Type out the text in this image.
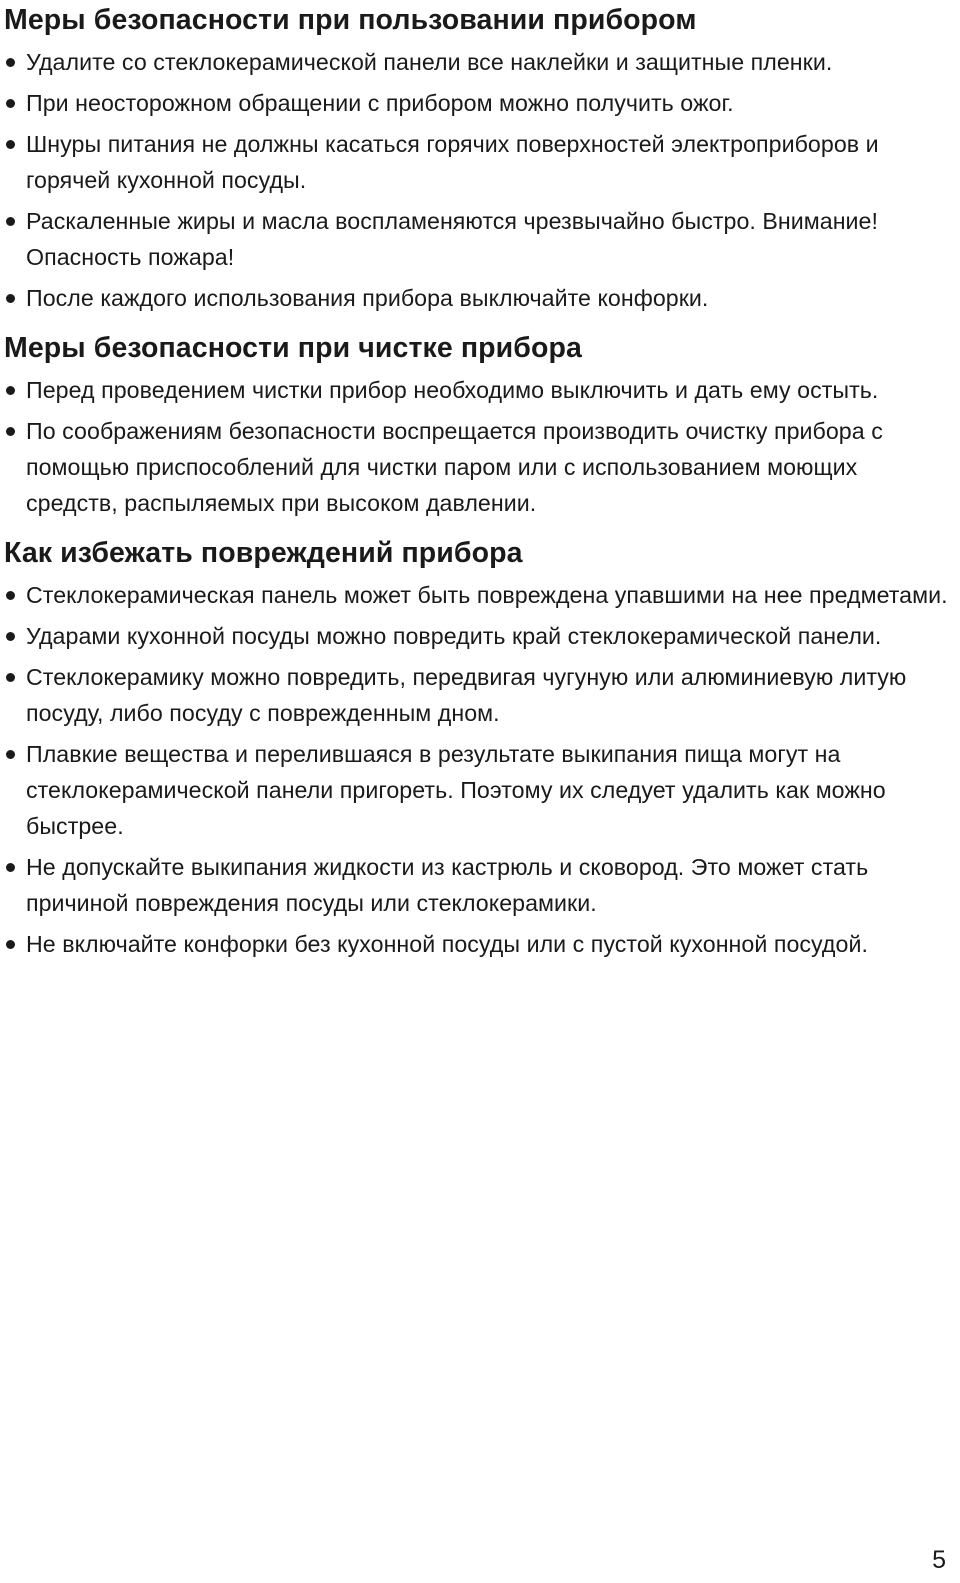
Меры безопасности при пользовании прибором
Удалите со стеклокерамической панели все наклейки и защитные пленки.
При неосторожном обращении с прибором можно получить ожог.
Шнуры питания не должны касаться горячих поверхностей электроприборов и горячей кухонной посуды.
Раскаленные жиры и масла воспламеняются чрезвычайно быстро. Внимание! Опасность пожара!
После каждого использования прибора выключайте конфорки.
Меры безопасности при чистке прибора
Перед проведением чистки прибор необходимо выключить и дать ему остыть.
По соображениям безопасности воспрещается производить очистку прибора с помощью приспособлений для чистки паром или с использованием моющих средств, распыляемых при высоком давлении.
Как избежать повреждений прибора
Стеклокерамическая панель может быть повреждена упавшими на нее предметами.
Ударами кухонной посуды можно повредить край стеклокерамической панели.
Стеклокерамику можно повредить, передвигая чугуную или алюминиевую литую посуду, либо посуду с поврежденным дном.
Плавкие вещества и перелившаяся в результате выкипания пища могут на стеклокерамической панели пригореть. Поэтому их следует удалить как можно быстрее.
Не допускайте выкипания жидкости из кастрюль и сковород. Это может стать причиной повреждения посуды или стеклокерамики.
Не включайте конфорки без кухонной посуды или с пустой кухонной посудой.
5
